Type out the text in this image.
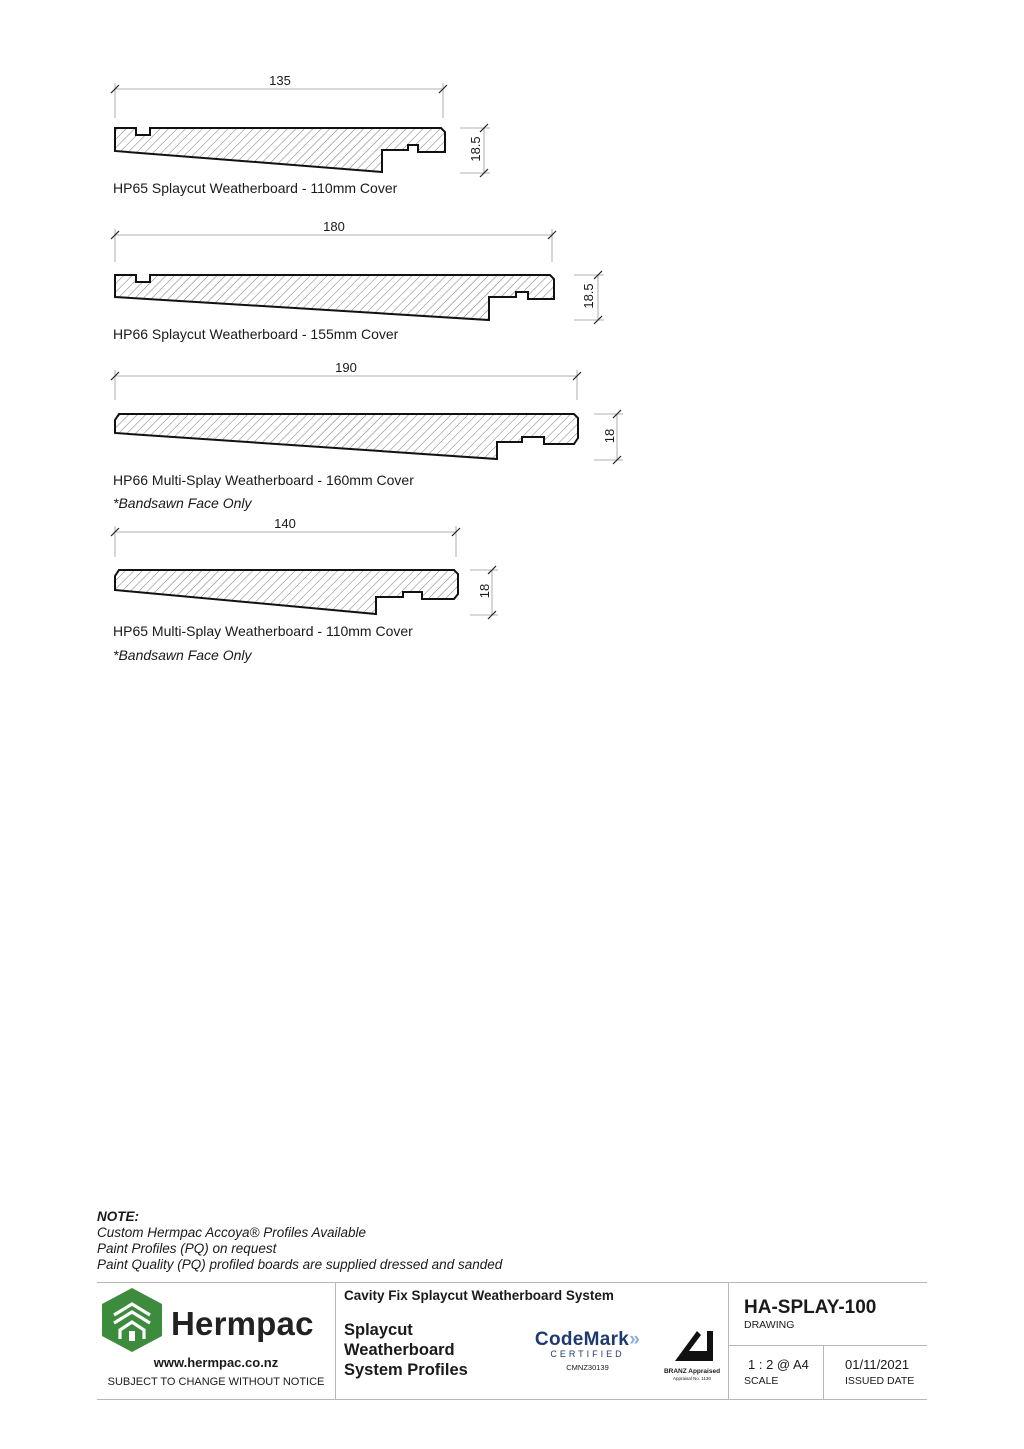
135
18.5
HP65 Splaycut Weatherboard - 110mm Cover
180
18.5
HP66 Splaycut Weatherboard - 155mm Cover
190
18
HP66 Multi-Splay Weatherboard - 160mm Cover
*Bandsawn Face Only
140
18
HP65 Multi-Splay Weatherboard - 110mm Cover
*Bandsawn Face Only
NOTE:
Custom Hermpac Accoya® Profiles Available
Paint Profiles (PQ) on request
Paint Quality (PQ) profiled boards are supplied dressed and sanded
Hermpac
www.hermpac.co.nz
SUBJECT TO CHANGE WITHOUT NOTICE
Cavity Fix Splaycut Weatherboard System
Splaycut
Weatherboard
System Profiles
CodeMark»
CERTIFIED
CMNZ30139	BRANZ Appraised
Appraisal No. 1130
HA-SPLAY-100
DRAWING
1 : 2 @ A4
SCALE
01/11/2021
ISSUED DATE
